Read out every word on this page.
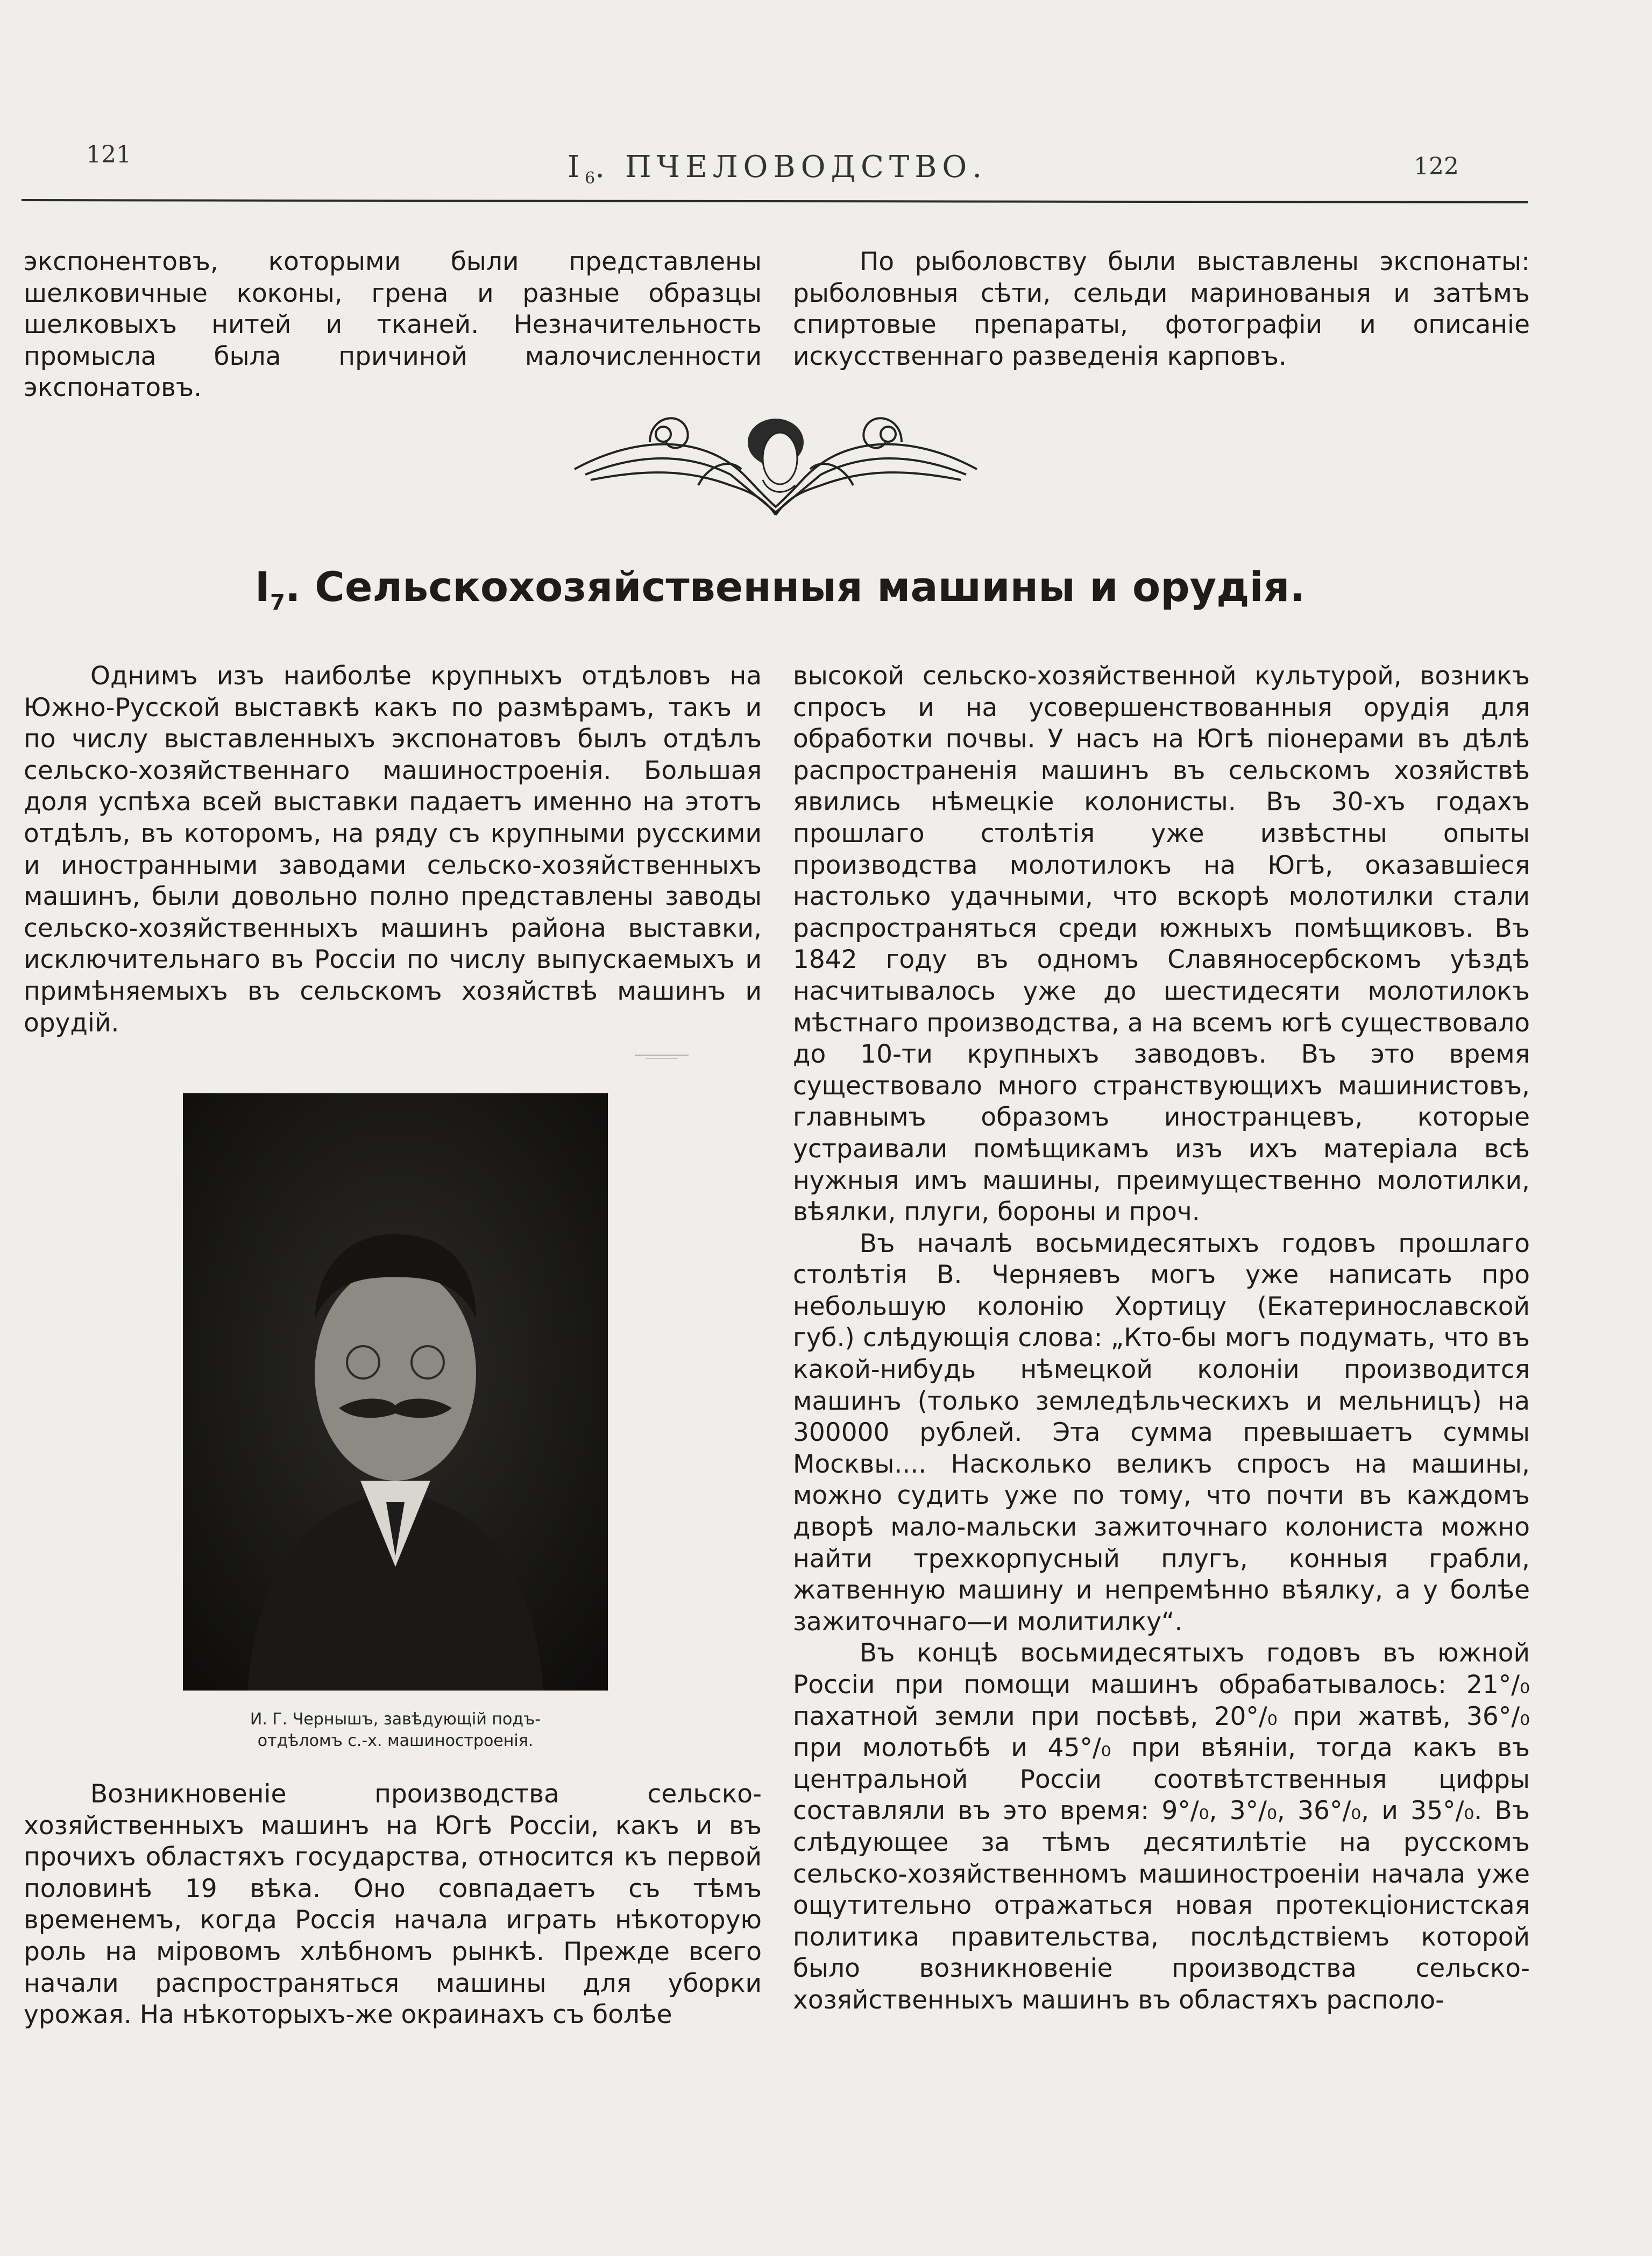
121	$I_6$. ПЧЕЛОВОДСТВО.	122

экспонентовъ, которыми были представлены шелковичные коконы, грена и разные образцы шелковыхъ нитей и тканей. Незначительность промысла была причиной малочисленности экспонатовъ.

По рыболовству были выставлены экспонаты: рыболовныя сѣти, сельди маринованыя и затѣмъ спиртовые препараты, фотографіи и описаніе искусственнаго разведенія карповъ.

$I_7$. Сельскохозяйственныя машины и орудія.

Однимъ изъ наиболѣе крупныхъ отдѣловъ на Южно-Русской выставкѣ какъ по размѣрамъ, такъ и по числу выставленныхъ экспонатовъ былъ отдѣлъ сельско-хозяйственнаго машиностроенія. Большая доля успѣха всей выставки падаетъ именно на этотъ отдѣлъ, въ которомъ, на ряду съ крупными русскими и иностранными заводами сельско-хозяйственныхъ машинъ, были довольно полно представлены заводы сельско-хозяйственныхъ машинъ района выставки, исключительнаго въ Россіи по числу выпускаемыхъ и примѣняемыхъ въ сельскомъ хозяйствѣ машинъ и орудій.

И. Г. Чернышъ, завѣдующій подъ-
отдѣломъ с.-х. машиностроенія.

Возникновеніе производства сельско-хозяйственныхъ машинъ на Югѣ Россіи, какъ и въ прочихъ областяхъ государства, относится къ первой половинѣ 19 вѣка. Оно совпадаетъ съ тѣмъ временемъ, когда Россія начала играть нѣкоторую роль на міровомъ хлѣбномъ рынкѣ. Прежде всего начали распространяться машины для уборки урожая. На нѣкоторыхъ-же окраинахъ съ болѣе

высокой сельско-хозяйственной культурой, возникъ спросъ и на усовершенствованныя орудія для обработки почвы. У насъ на Югѣ піонерами въ дѣлѣ распространенія машинъ въ сельскомъ хозяйствѣ явились нѣмецкіе колонисты. Въ 30-хъ годахъ прошлаго столѣтія уже извѣстны опыты производства молотилокъ на Югѣ, оказавшіеся настолько удачными, что вскорѣ молотилки стали распространяться среди южныхъ помѣщиковъ. Въ 1842 году въ одномъ Славяносербскомъ уѣздѣ насчитывалось уже до шестидесяти молотилокъ мѣстнаго производства, а на всемъ югѣ существовало до 10-ти крупныхъ заводовъ. Въ это время существовало много странствующихъ машинистовъ, главнымъ образомъ иностранцевъ, которые устраивали помѣщикамъ изъ ихъ матеріала всѣ нужныя имъ машины, преимущественно молотилки, вѣялки, плуги, бороны и проч.

Въ началѣ восьмидесятыхъ годовъ прошлаго столѣтія В. Черняевъ могъ уже написать про небольшую колонію Хортицу (Екатеринославской губ.) слѣдующія слова: „Кто-бы могъ подумать, что въ какой-нибудь нѣмецкой колоніи производится машинъ (только земледѣльческихъ и мельницъ) на 300000 рублей. Эта сумма превышаетъ суммы Москвы.... Насколько великъ спросъ на машины, можно судить уже по тому, что почти въ каждомъ дворѣ мало-мальски зажиточнаго колониста можно найти трехкорпусный плугъ, конныя грабли, жатвенную машину и непремѣнно вѣялку, а у болѣе зажиточнаго—и молитилку“.

Въ концѣ восьмидесятыхъ годовъ въ южной Россіи при помощи машинъ обрабатывалось: 21°/₀ пахатной земли при посѣвѣ, 20°/₀ при жатвѣ, 36°/₀ при молотьбѣ и 45°/₀ при вѣяніи, тогда какъ въ центральной Россіи соотвѣтственныя цифры составляли въ это время: 9°/₀, 3°/₀, 36°/₀, и 35°/₀. Въ слѣдующее за тѣмъ десятилѣтіе на русскомъ сельско-хозяйственномъ машиностроеніи начала уже ощутительно отражаться новая протекціонистская политика правительства, послѣдствіемъ которой было возникновеніе производства сельско-хозяйственныхъ машинъ въ областяхъ располо-
